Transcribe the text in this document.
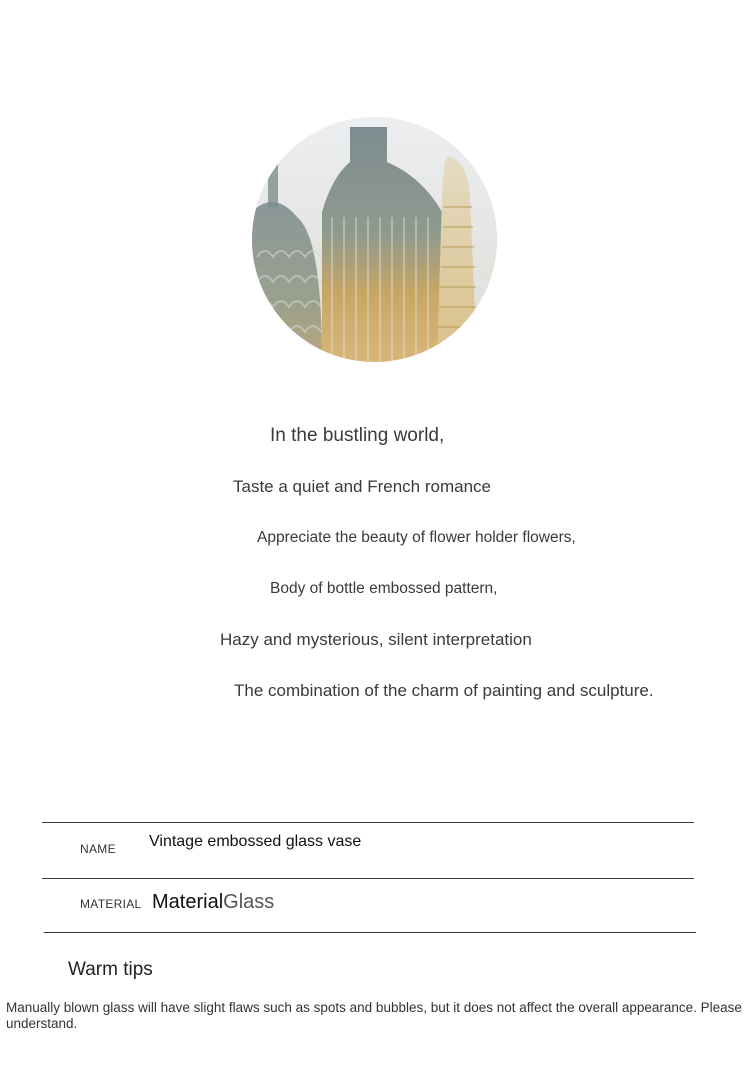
In the bustling world,
Taste a quiet and French romance
Appreciate the beauty of flower holder flowers,
Body of bottle embossed pattern,
Hazy and mysterious, silent interpretation
The combination of the charm of painting and sculpture.
NAME Vintage embossed glass vase
MATERIAL MaterialGlass
Warm tips
Manually blown glass will have slight flaws such as spots and bubbles, but it does not affect the overall appearance. Please understand.
